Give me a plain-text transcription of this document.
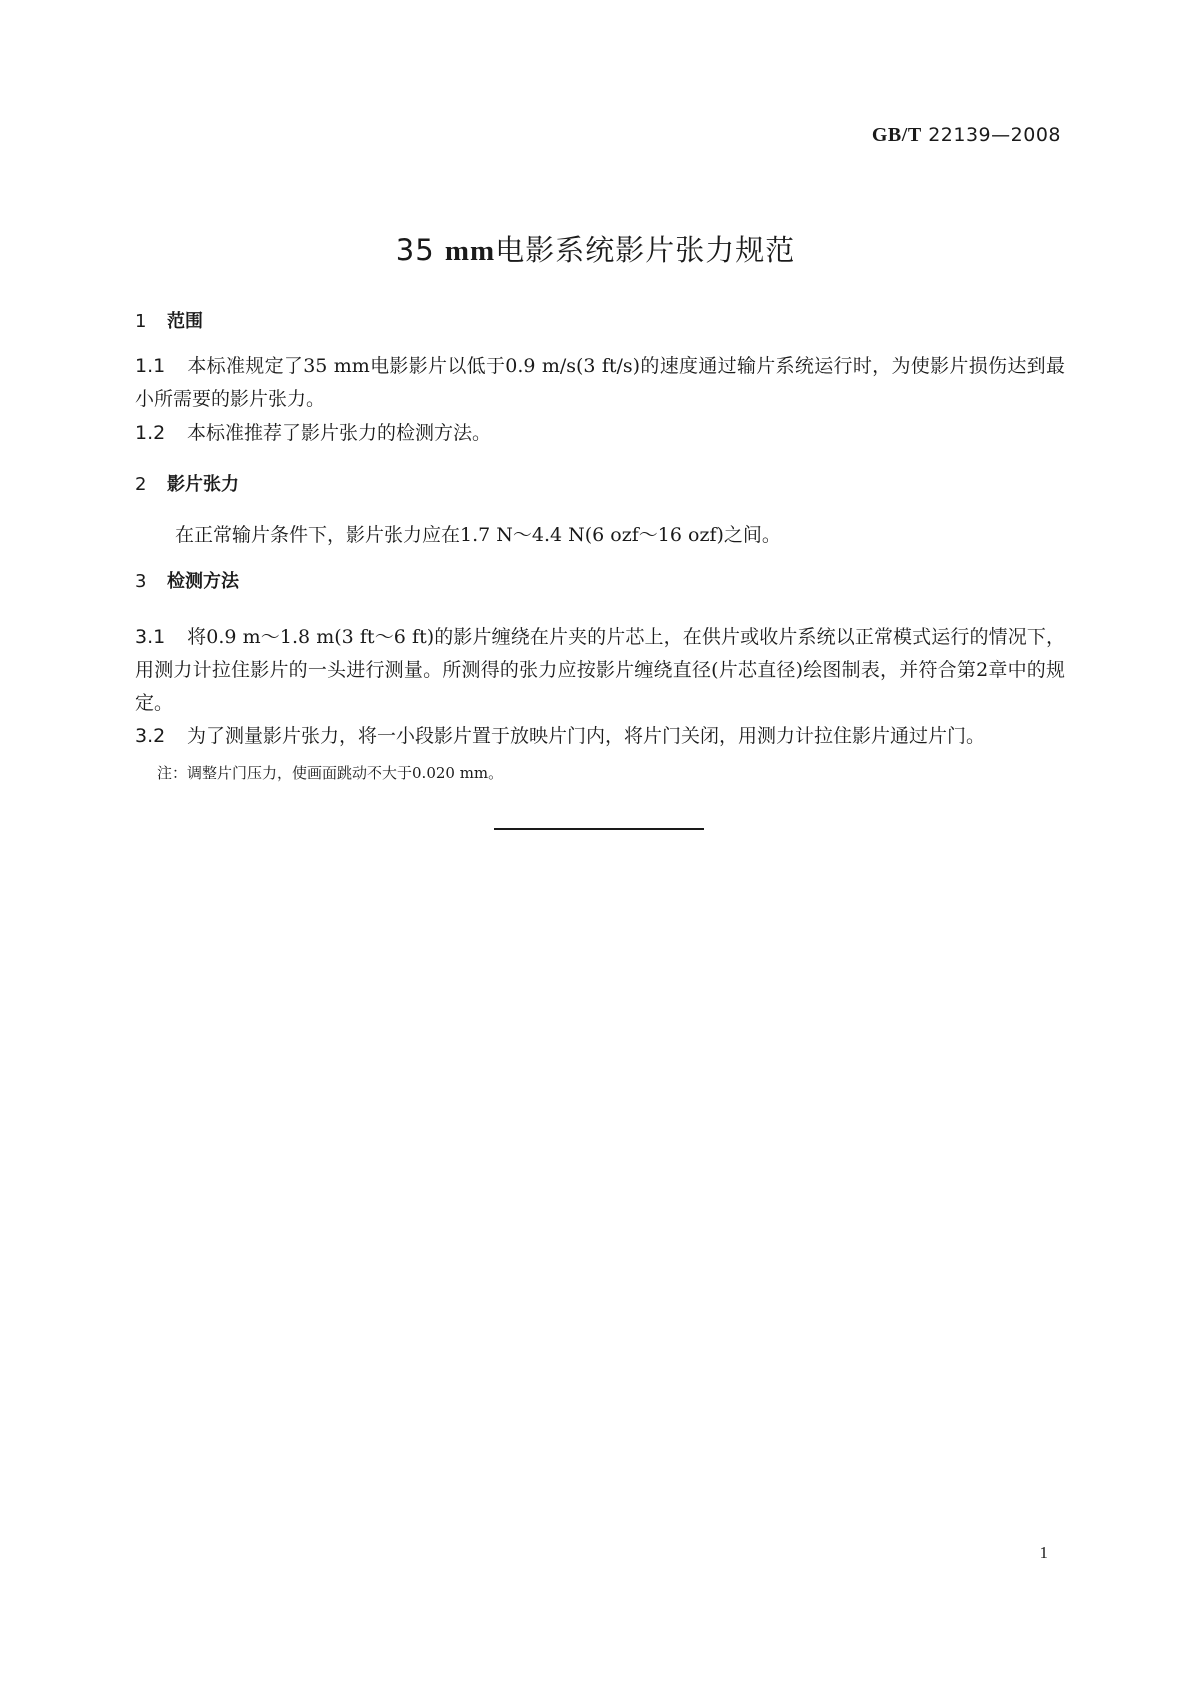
GB/T 22139—2008
35 mm电影系统影片张力规范
1 范围
1.1 本标准规定了35 mm电影影片以低于0.9 m/s(3 ft/s)的速度通过输片系统运行时，为使影片损伤达到最小所需要的影片张力。
1.2 本标准推荐了影片张力的检测方法。
2 影片张力
在正常输片条件下，影片张力应在1.7 N～4.4 N(6 ozf～16 ozf)之间。
3 检测方法
3.1 将0.9 m～1.8 m(3 ft～6 ft)的影片缠绕在片夹的片芯上，在供片或收片系统以正常模式运行的情况下，用测力计拉住影片的一头进行测量。所测得的张力应按影片缠绕直径(片芯直径)绘图制表，并符合第2章中的规定。
3.2 为了测量影片张力，将一小段影片置于放映片门内，将片门关闭，用测力计拉住影片通过片门。
注：调整片门压力，使画面跳动不大于0.020 mm。
1
